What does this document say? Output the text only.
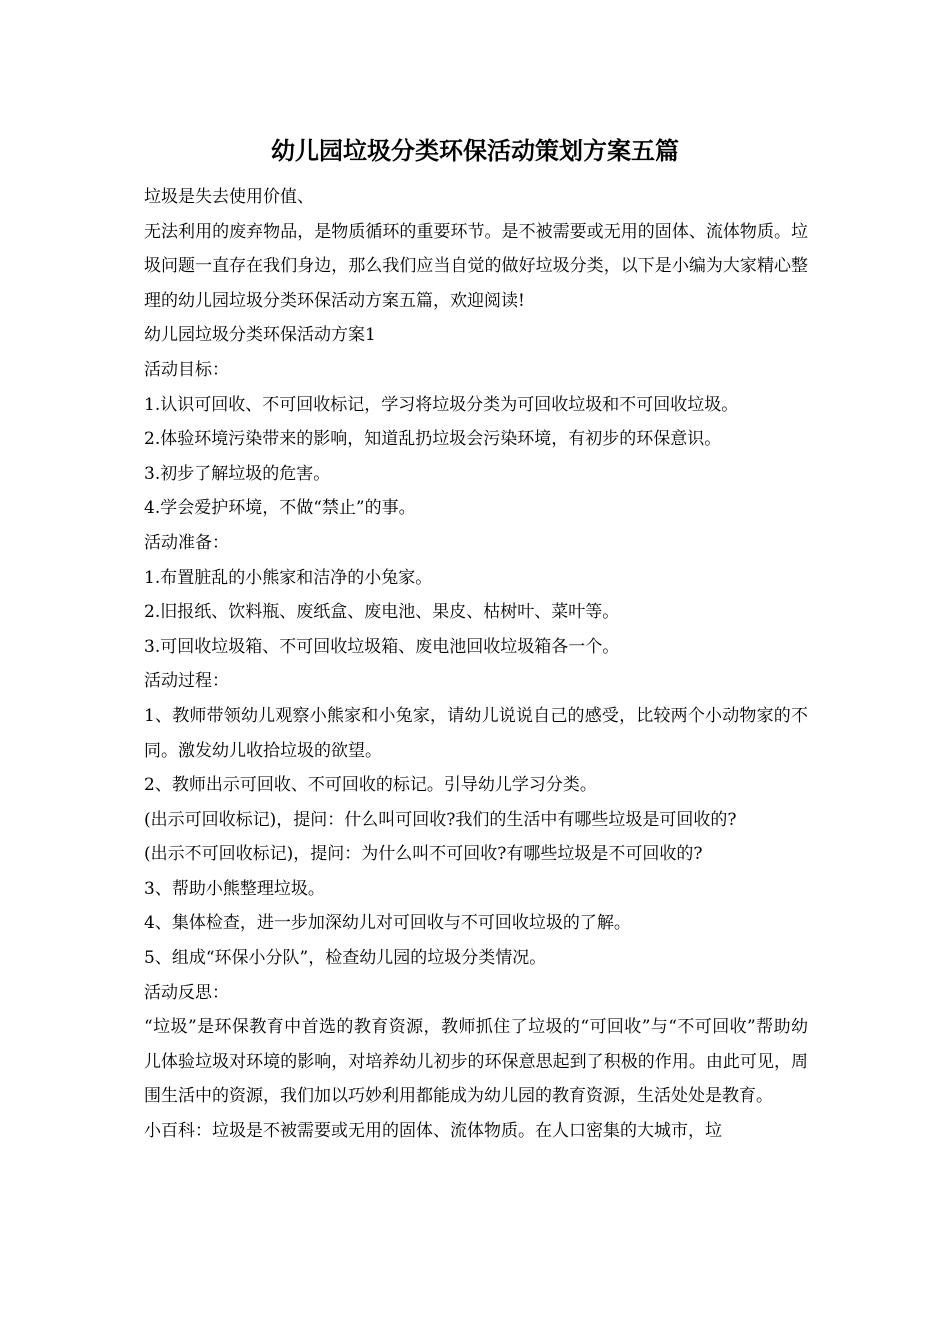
幼儿园垃圾分类环保活动策划方案五篇

垃圾是失去使用价值、

无法利用的废弃物品，是物质循环的重要环节。是不被需要或无用的固体、流体物质。垃圾问题一直存在我们身边，那么我们应当自觉的做好垃圾分类，以下是小编为大家精心整理的幼儿园垃圾分类环保活动方案五篇，欢迎阅读!

幼儿园垃圾分类环保活动方案1

活动目标：

1.认识可回收、不可回收标记，学习将垃圾分类为可回收垃圾和不可回收垃圾。

2.体验环境污染带来的影响，知道乱扔垃圾会污染环境，有初步的环保意识。

3.初步了解垃圾的危害。

4.学会爱护环境，不做“禁止”的事。

活动准备：

1.布置脏乱的小熊家和洁净的小兔家。

2.旧报纸、饮料瓶、废纸盒、废电池、果皮、枯树叶、菜叶等。

3.可回收垃圾箱、不可回收垃圾箱、废电池回收垃圾箱各一个。

活动过程：

1、教师带领幼儿观察小熊家和小兔家，请幼儿说说自己的感受，比较两个小动物家的不同。激发幼儿收拾垃圾的欲望。

2、教师出示可回收、不可回收的标记。引导幼儿学习分类。

(出示可回收标记)，提问：什么叫可回收?我们的生活中有哪些垃圾是可回收的?

(出示不可回收标记)，提问：为什么叫不可回收?有哪些垃圾是不可回收的?

3、帮助小熊整理垃圾。

4、集体检查，进一步加深幼儿对可回收与不可回收垃圾的了解。

5、组成“环保小分队”，检查幼儿园的垃圾分类情况。

活动反思：

“垃圾”是环保教育中首选的教育资源，教师抓住了垃圾的“可回收”与“不可回收”帮助幼儿体验垃圾对环境的影响，对培养幼儿初步的环保意思起到了积极的作用。由此可见，周围生活中的资源，我们加以巧妙利用都能成为幼儿园的教育资源，生活处处是教育。

小百科：垃圾是不被需要或无用的固体、流体物质。在人口密集的大城市，垃
